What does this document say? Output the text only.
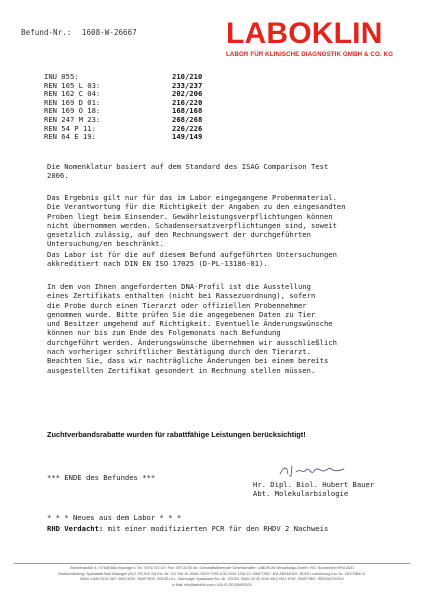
Befund-Nr.: 1608-W-26667	LABOKLIN
LABOR FÜR KLINISCHE DIAGNOSTIK GMBH & CO. KG
INU 055:	210/210
REN 105 L 03:	233/237
REN 162 C 04:	202/206
REN 169 D 01:	216/220
REN 169 O 18:	168/168
REN 247 M 23:	268/268
REN 54 P 11:	226/226
REN 64 E 19:	149/149
Die Nomenklatur basiert auf dem Standard des ISAG Comparison Test
2006.
Das Ergebnis gilt nur für das im Labor eingegangene Probenmaterial.
Die Verantwortung für die Richtigkeit der Angaben zu den eingesandten
Proben liegt beim Einsender. Gewährleistungsverpflichtungen können
nicht übernommen werden. Schadensersatzverpflichtungen sind, soweit
gesetzlich zulässig, auf den Rechnungswert der durchgeführten
Untersuchung/en beschränkt.
Das Labor ist für die auf diesem Befund aufgeführten Untersuchungen
akkreditiert nach DIN EN ISO 17025 (D-PL-13186-01).
In dem von Ihnen angeforderten DNA-Profil ist die Ausstellung
eines Zertifikats enthalten (nicht bei Rassezuordnung), sofern
die Probe durch einen Tierarzt oder offiziellen Probennehmer
genommen wurde. Bitte prüfen Sie die angegebenen Daten zu Tier
und Besitzer umgehend auf Richtigkeit. Eventuelle Änderungswünsche
können nur bis zum Ende des Folgemonats nach Befundung
durchgeführt werden. Änderungswünsche übernehmen wir ausschließlich
nach vorheriger schriftlicher Bestätigung durch den Tierarzt.
Beachten Sie, dass wir nachträgliche Änderungen bei einem bereits
ausgestellten Zertifikat gesondert in Rechnung stellen müssen.
Zuchtverbandsrabatte wurden für rabattfähige Leistungen berücksichtigt!
*** ENDE des Befundes ***
Hr. Dipl. Biol. Hubert Bauer
Abt. Molekularbiologie
* * * Neues aus dem Labor * * *
RHD Verdacht: mit einer modifizierten PCR für den RHDV 2 Nachweis
Steubenstraße 4 • 97688 Bad Kissingen • Tel.: 0971/720 20 • Fax: 0971/6 85 46 • Geschäftsführender Gesellschafter: LABOKLIN Verwaltungs-GmbH • RG. Schweinfurt HRA 3631
Bankverbindung: Sparkasse Bad Kissingen (BLZ 793 510 10) Kto.-Nr. 311 336 19, IBAN: DE09 7935 1010 0031 1336 19, SWIFT/BIC: BYLADEM1KIS, BCEE Luxembourg Kto.-Nr. 1507/3600-5,
IBAN: LU95 0019 1507 3600 5000, SWIFT/BIC: BCEELULL, Salzburger Sparkasse Kto.-Nr. 125762, IBAN: AT45 2040 4012 0012 5762, SWIFT/BIC: SBGSAT2SXXX
e-Mail: info@laboklin.com • USt-ID DE206997624
